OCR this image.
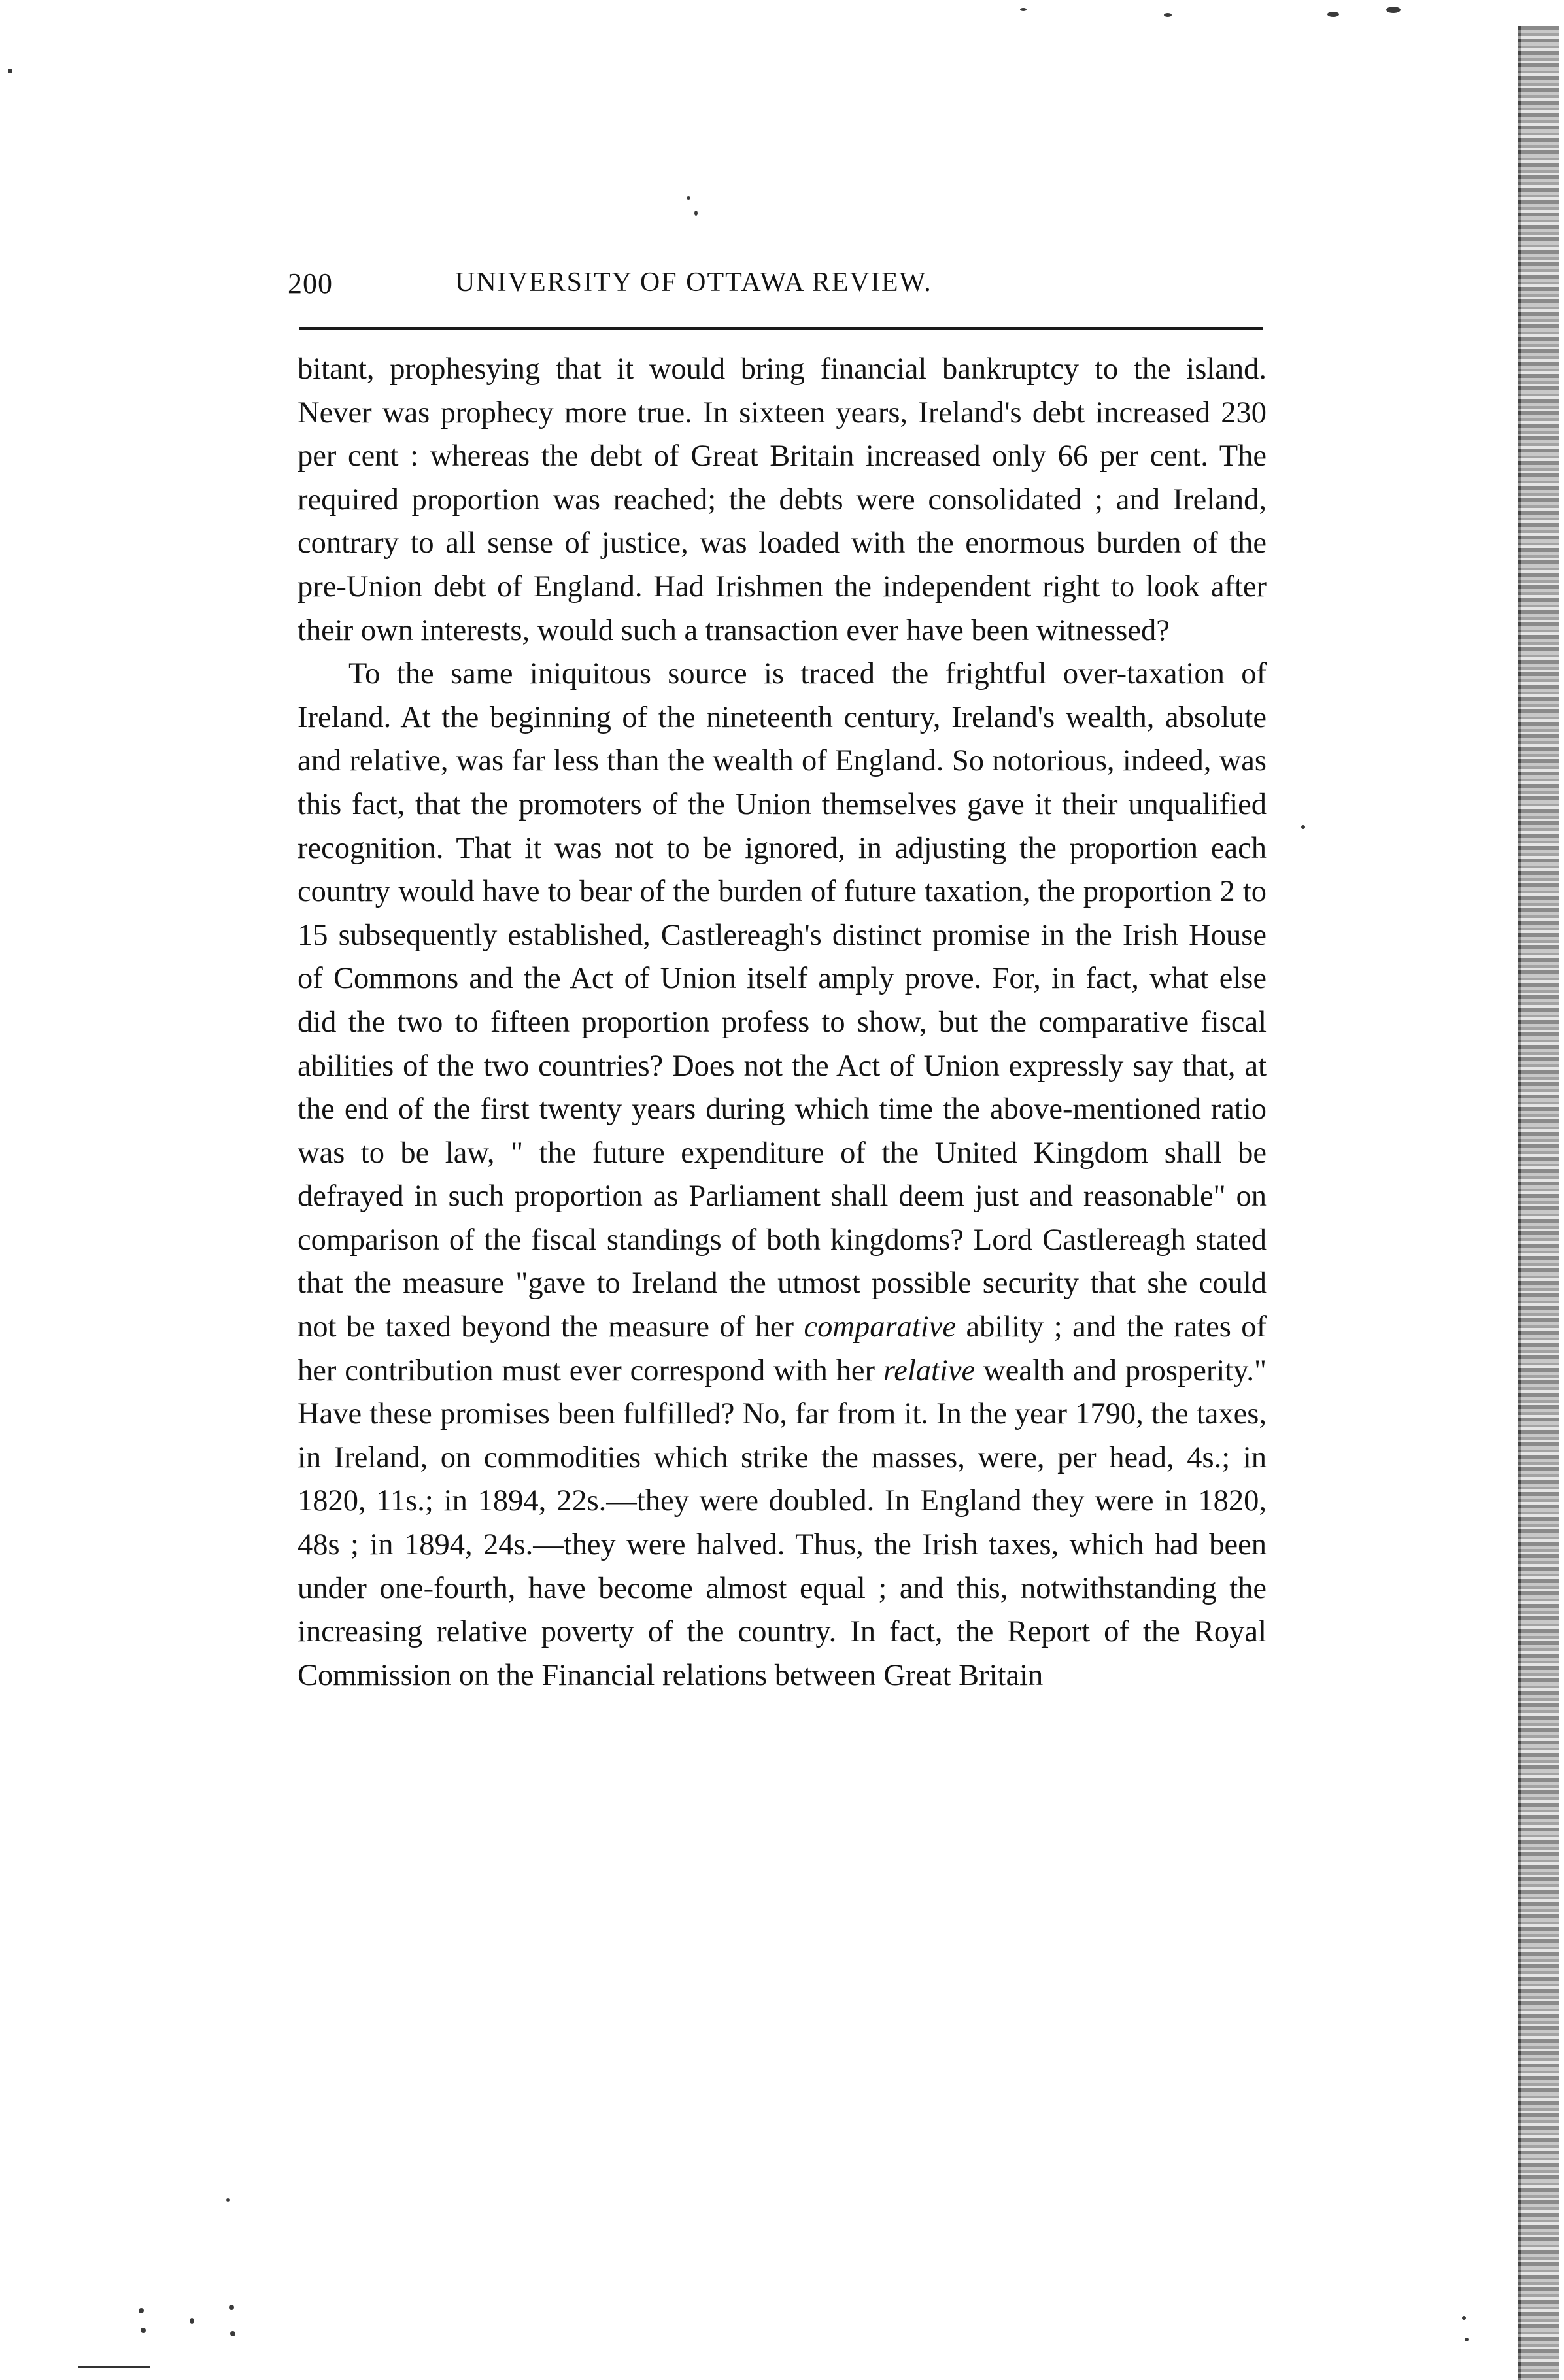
200	UNIVERSITY OF OTTAWA REVIEW.

bitant, prophesying that it would bring financial bankruptcy to the island. Never was prophecy more true. In sixteen years, Ireland's debt increased 230 per cent : whereas the debt of Great Britain increased only 66 per cent. The required proportion was reached; the debts were consolidated ; and Ireland, contrary to all sense of justice, was loaded with the enormous burden of the pre-Union debt of England. Had Irishmen the independent right to look after their own interests, would such a transaction ever have been witnessed?

To the same iniquitous source is traced the frightful over-taxation of Ireland. At the beginning of the nineteenth century, Ireland's wealth, absolute and relative, was far less than the wealth of England. So notorious, indeed, was this fact, that the promoters of the Union themselves gave it their unqualified recognition. That it was not to be ignored, in adjusting the proportion each country would have to bear of the burden of future taxation, the proportion 2 to 15 subsequently established, Castlereagh's distinct promise in the Irish House of Commons and the Act of Union itself amply prove. For, in fact, what else did the two to fifteen proportion profess to show, but the comparative fiscal abilities of the two countries? Does not the Act of Union expressly say that, at the end of the first twenty years during which time the above-mentioned ratio was to be law, " the future expenditure of the United Kingdom shall be defrayed in such proportion as Parliament shall deem just and reasonable" on comparison of the fiscal standings of both kingdoms? Lord Castlereagh stated that the measure "gave to Ireland the utmost possible security that she could not be taxed beyond the measure of her comparative ability ; and the rates of her contribution must ever correspond with her relative wealth and prosperity." Have these promises been fulfilled? No, far from it. In the year 1790, the taxes, in Ireland, on commodities which strike the masses, were, per head, 4s.; in 1820, 11s.; in 1894, 22s.—they were doubled. In England they were in 1820, 48s ; in 1894, 24s.—they were halved. Thus, the Irish taxes, which had been under one-fourth, have become almost equal ; and this, notwithstanding the increasing relative poverty of the country. In fact, the Report of the Royal Commission on the Financial relations between Great Britain
